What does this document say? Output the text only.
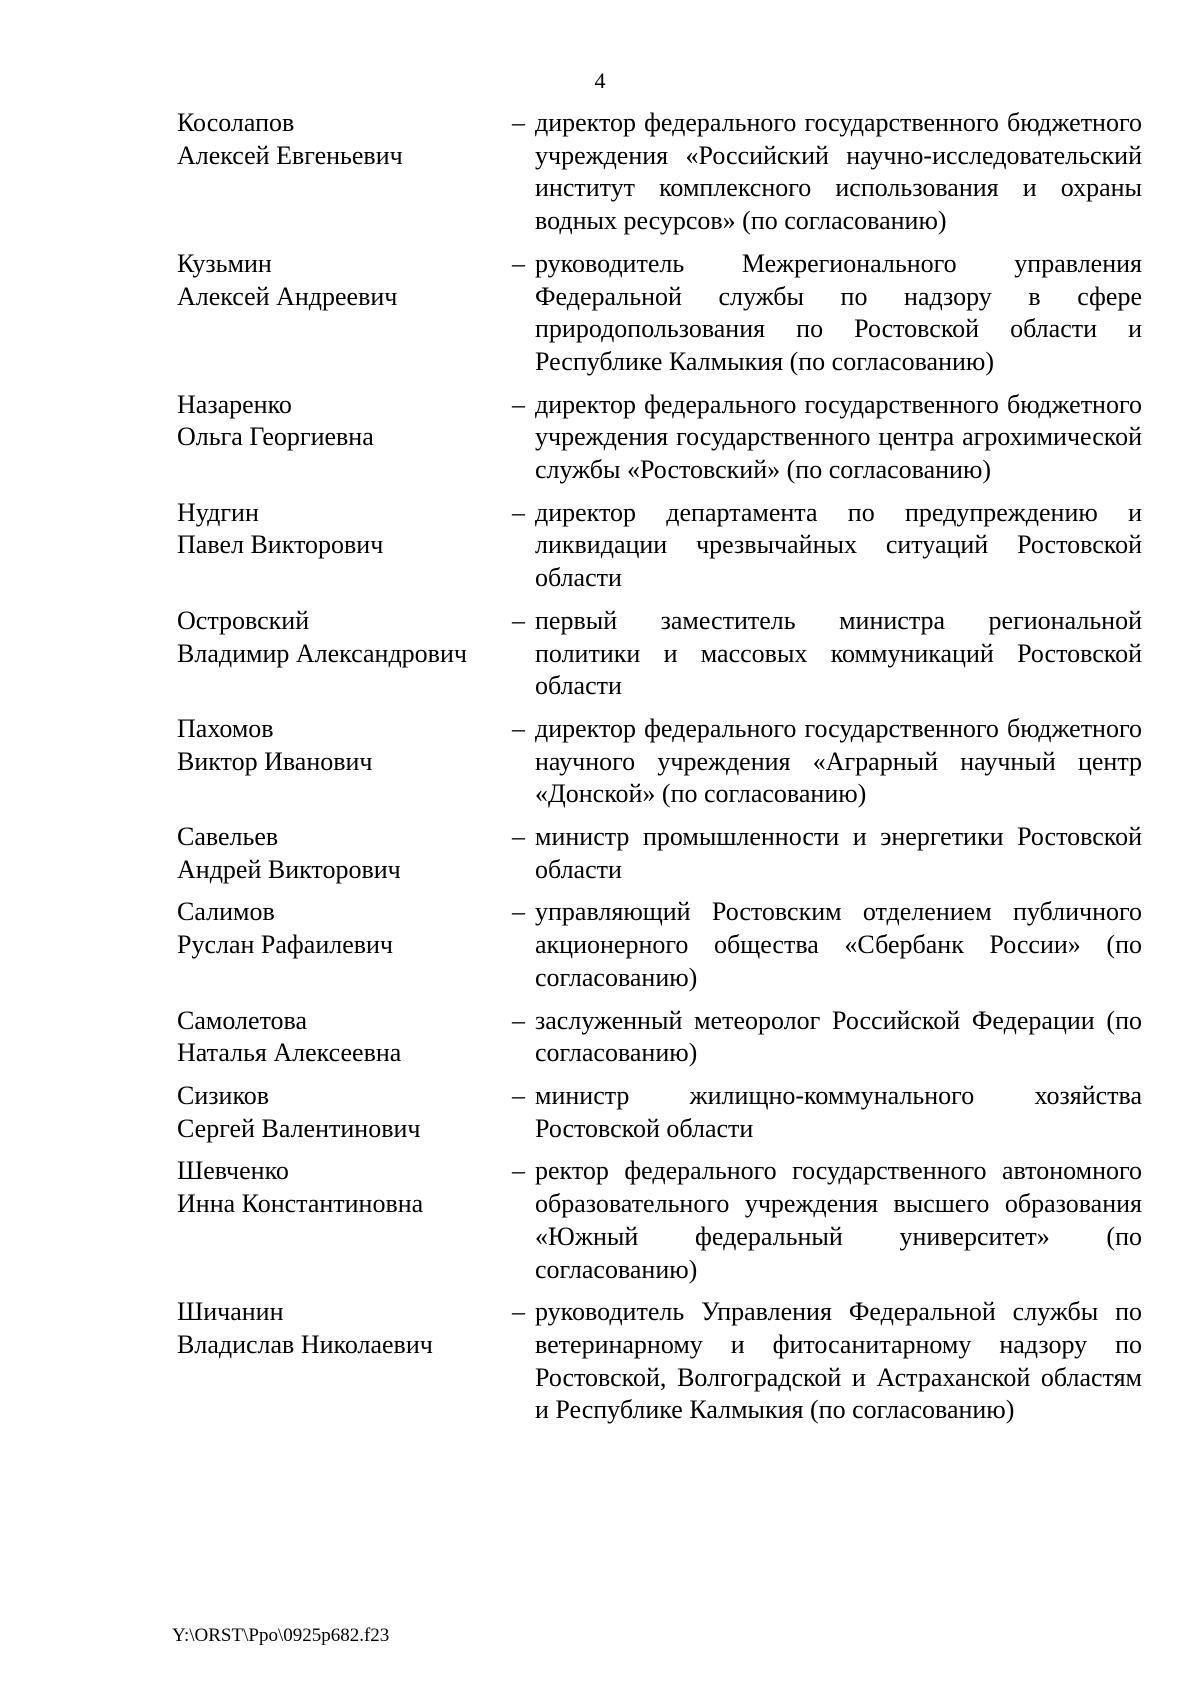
4
Косолапов
Алексей Евгеньевич
– директор федерального государственного бюджетного учреждения «Российский научно-исследовательский институт комплексного использования и охраны водных ресурсов» (по согласованию)
Кузьмин
Алексей Андреевич
– руководитель Межрегионального управления Федеральной службы по надзору в сфере природопользования по Ростовской области и Республике Калмыкия (по согласованию)
Назаренко
Ольга Георгиевна
– директор федерального государственного бюджетного учреждения государственного центра агрохимической службы «Ростовский» (по согласованию)
Нудгин
Павел Викторович
– директор департамента по предупреждению и ликвидации чрезвычайных ситуаций Ростовской области
Островский
Владимир Александрович
– первый заместитель министра региональной политики и массовых коммуникаций Ростовской области
Пахомов
Виктор Иванович
– директор федерального государственного бюджетного научного учреждения «Аграрный научный центр «Донской» (по согласованию)
Савельев
Андрей Викторович
– министр промышленности и энергетики Ростовской области
Салимов
Руслан Рафаилевич
– управляющий Ростовским отделением публичного акционерного общества «Сбербанк России» (по согласованию)
Самолетова
Наталья Алексеевна
– заслуженный метеоролог Российской Федерации (по согласованию)
Сизиков
Сергей Валентинович
– министр жилищно-коммунального хозяйства Ростовской области
Шевченко
Инна Константиновна
– ректор федерального государственного автономного образовательного учреждения высшего образования «Южный федеральный университет» (по согласованию)
Шичанин
Владислав Николаевич
– руководитель Управления Федеральной службы по ветеринарному и фитосанитарному надзору по Ростовской, Волгоградской и Астраханской областям и Республике Калмыкия (по согласованию)
Y:\ORST\Ppo\0925p682.f23
